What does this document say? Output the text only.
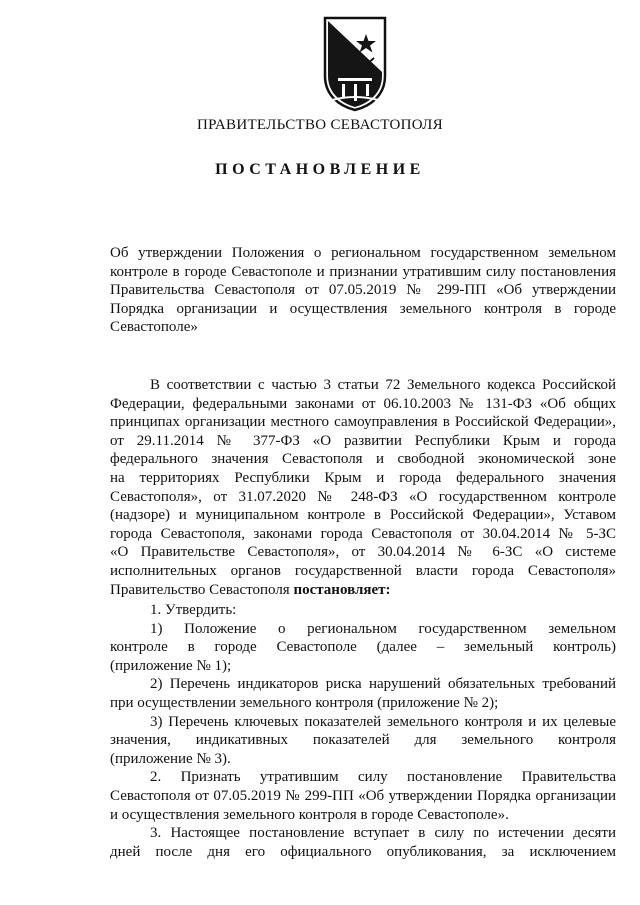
ПРАВИТЕЛЬСТВО СЕВАСТОПОЛЯ
ПОСТАНОВЛЕНИЕ
Об утверждении Положения о региональном государственном земельном
контроле в городе Севастополе и признании утратившим силу постановления
Правительства Севастополя от 07.05.2019 № 299-ПП «Об утверждении
Порядка организации и осуществления земельного контроля в городе
Севастополе»
В соответствии с частью 3 статьи 72 Земельного кодекса Российской
Федерации, федеральными законами от 06.10.2003 № 131-ФЗ «Об общих
принципах организации местного самоуправления в Российской Федерации»,
от 29.11.2014 № 377-ФЗ «О развитии Республики Крым и города
федерального значения Севастополя и свободной экономической зоне
на территориях Республики Крым и города федерального значения
Севастополя», от 31.07.2020 № 248-ФЗ «О государственном контроле
(надзоре) и муниципальном контроле в Российской Федерации», Уставом
города Севастополя, законами города Севастополя от 30.04.2014 № 5-ЗС
«О Правительстве Севастополя», от 30.04.2014 № 6-ЗС «О системе
исполнительных органов государственной власти города Севастополя»
Правительство Севастополя постановляет:
1. Утвердить:
1) Положение о региональном государственном земельном
контроле в городе Севастополе (далее – земельный контроль)
(приложение № 1);
2) Перечень индикаторов риска нарушений обязательных требований
при осуществлении земельного контроля (приложение № 2);
3) Перечень ключевых показателей земельного контроля и их целевые
значения, индикативных показателей для земельного контроля
(приложение № 3).
2. Признать утратившим силу постановление Правительства
Севастополя от 07.05.2019 № 299-ПП «Об утверждении Порядка организации
и осуществления земельного контроля в городе Севастополе».
3. Настоящее постановление вступает в силу по истечении десяти
дней после дня его официального опубликования, за исключением
